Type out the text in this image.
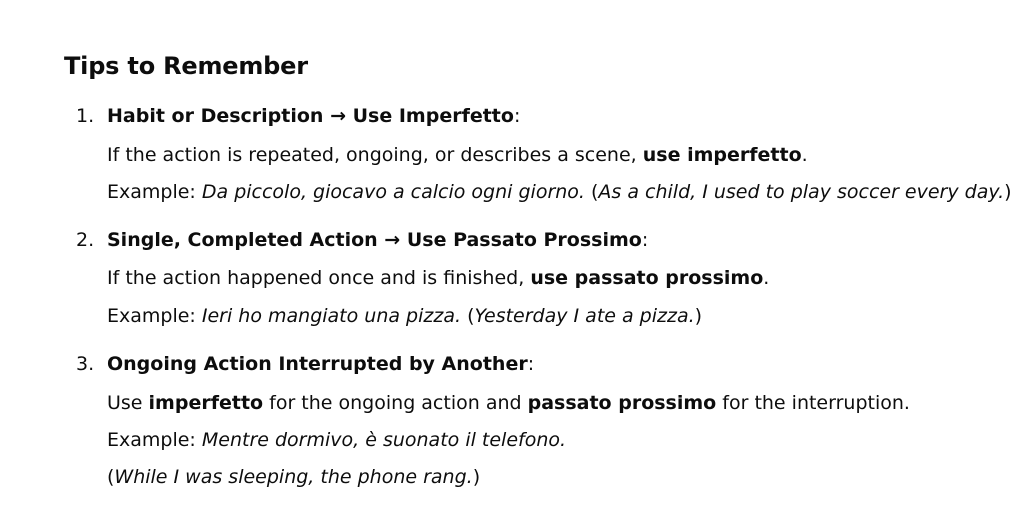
Tips to Remember
1. Habit or Description → Use Imperfetto:

If the action is repeated, ongoing, or describes a scene, use imperfetto.

Example: Da piccolo, giocavo a calcio ogni giorno. (As a child, I used to play soccer every day.)

2. Single, Completed Action → Use Passato Prossimo:

If the action happened once and is finished, use passato prossimo.

Example: Ieri ho mangiato una pizza. (Yesterday I ate a pizza.)

3. Ongoing Action Interrupted by Another:

Use imperfetto for the ongoing action and passato prossimo for the interruption.

Example: Mentre dormivo, è suonato il telefono.

(While I was sleeping, the phone rang.)
